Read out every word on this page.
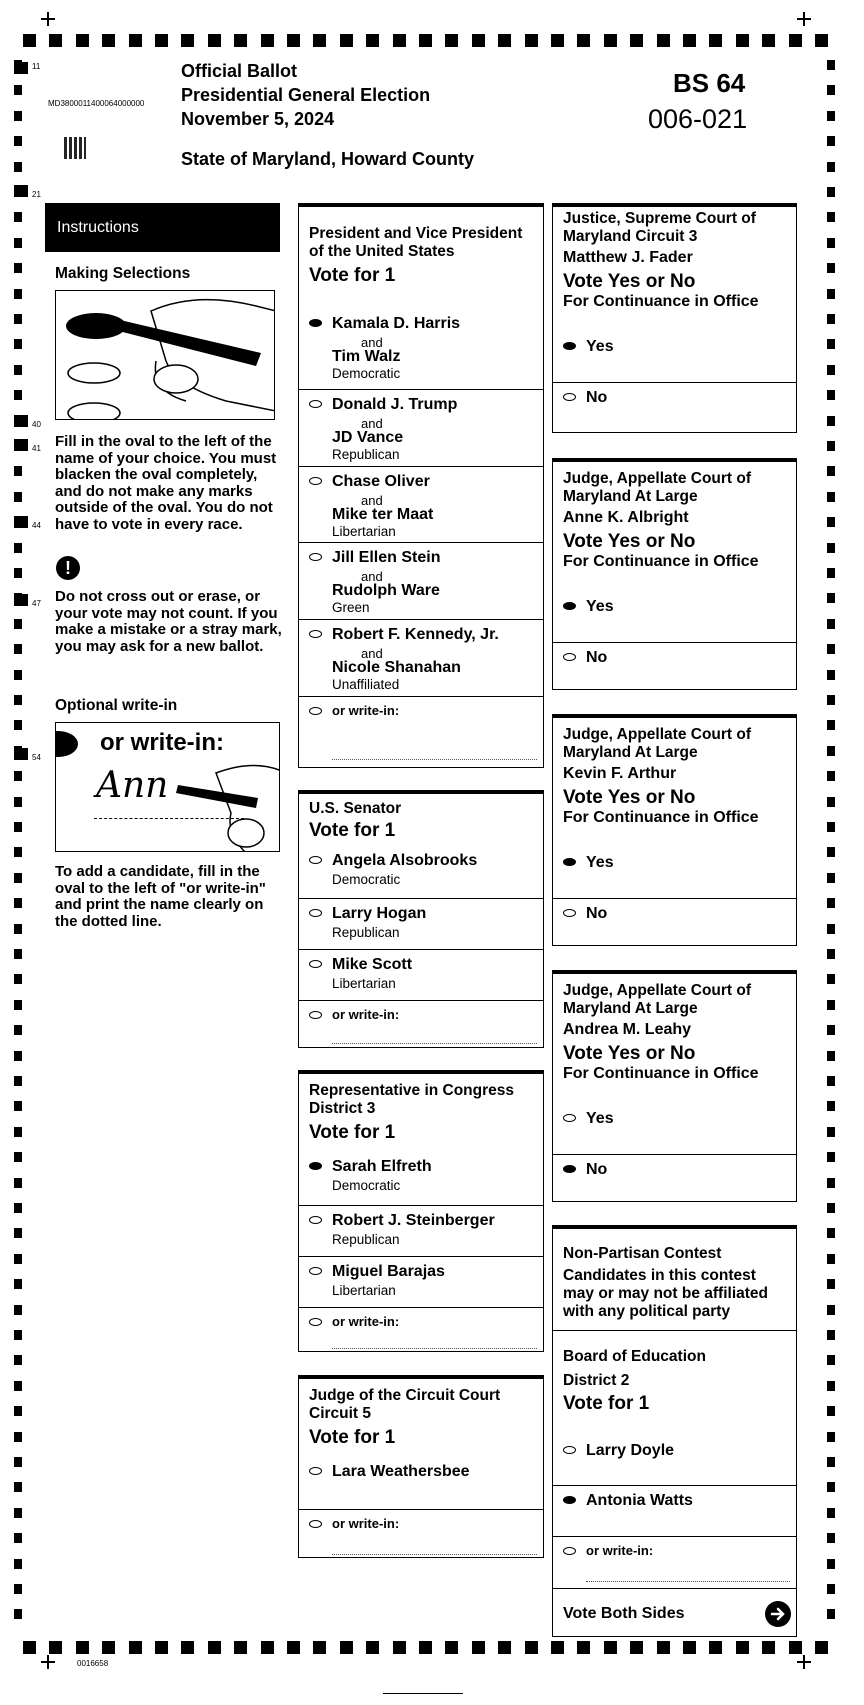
11
21
40
41
44
47
54
MD3800011400064000000
Official Ballot
Presidential General Election
November 5, 2024
State of Maryland, Howard County
BS 64
006-021
Instructions
Making Selections
Fill in the oval to the left of the name of your choice. You must blacken the oval completely, and do not make any marks outside of the oval. You do not have to vote in every race.
!
Do not cross out or erase, or your vote may not count. If you make a mistake or a stray mark, you may ask for a new ballot.
Optional write-in
or write-in:
Ann
To add a candidate, fill in the oval to the left of "or write-in" and print the name clearly on the dotted line.
President and Vice President of the United States
Vote for 1
Kamala D. Harris
and
Tim Walz
Democratic
Donald J. Trump
and
JD Vance
Republican
Chase Oliver
and
Mike ter Maat
Libertarian
Jill Ellen Stein
and
Rudolph Ware
Green
Robert F. Kennedy, Jr.
and
Nicole Shanahan
Unaffiliated
or write-in:
U.S. Senator
Vote for 1
Angela Alsobrooks
Democratic
Larry Hogan
Republican
Mike Scott
Libertarian
or write-in:
Representative in Congress District 3
Vote for 1
Sarah Elfreth
Democratic
Robert J. Steinberger
Republican
Miguel Barajas
Libertarian
or write-in:
Judge of the Circuit Court Circuit 5
Vote for 1
Lara Weathersbee
or write-in:
Justice, Supreme Court of Maryland Circuit 3
Matthew J. Fader
Vote Yes or No
For Continuance in Office
Yes
No
Judge, Appellate Court of Maryland At Large
Anne K. Albright
Vote Yes or No
For Continuance in Office
Yes
No
Judge, Appellate Court of Maryland At Large
Kevin F. Arthur
Vote Yes or No
For Continuance in Office
Yes
No
Judge, Appellate Court of Maryland At Large
Andrea M. Leahy
Vote Yes or No
For Continuance in Office
Yes
No
Non-Partisan Contest
Candidates in this contest may or may not be affiliated with any political party
Board of Education District 2
Vote for 1
Larry Doyle
Antonia Watts
or write-in:
Vote Both Sides
0016658
